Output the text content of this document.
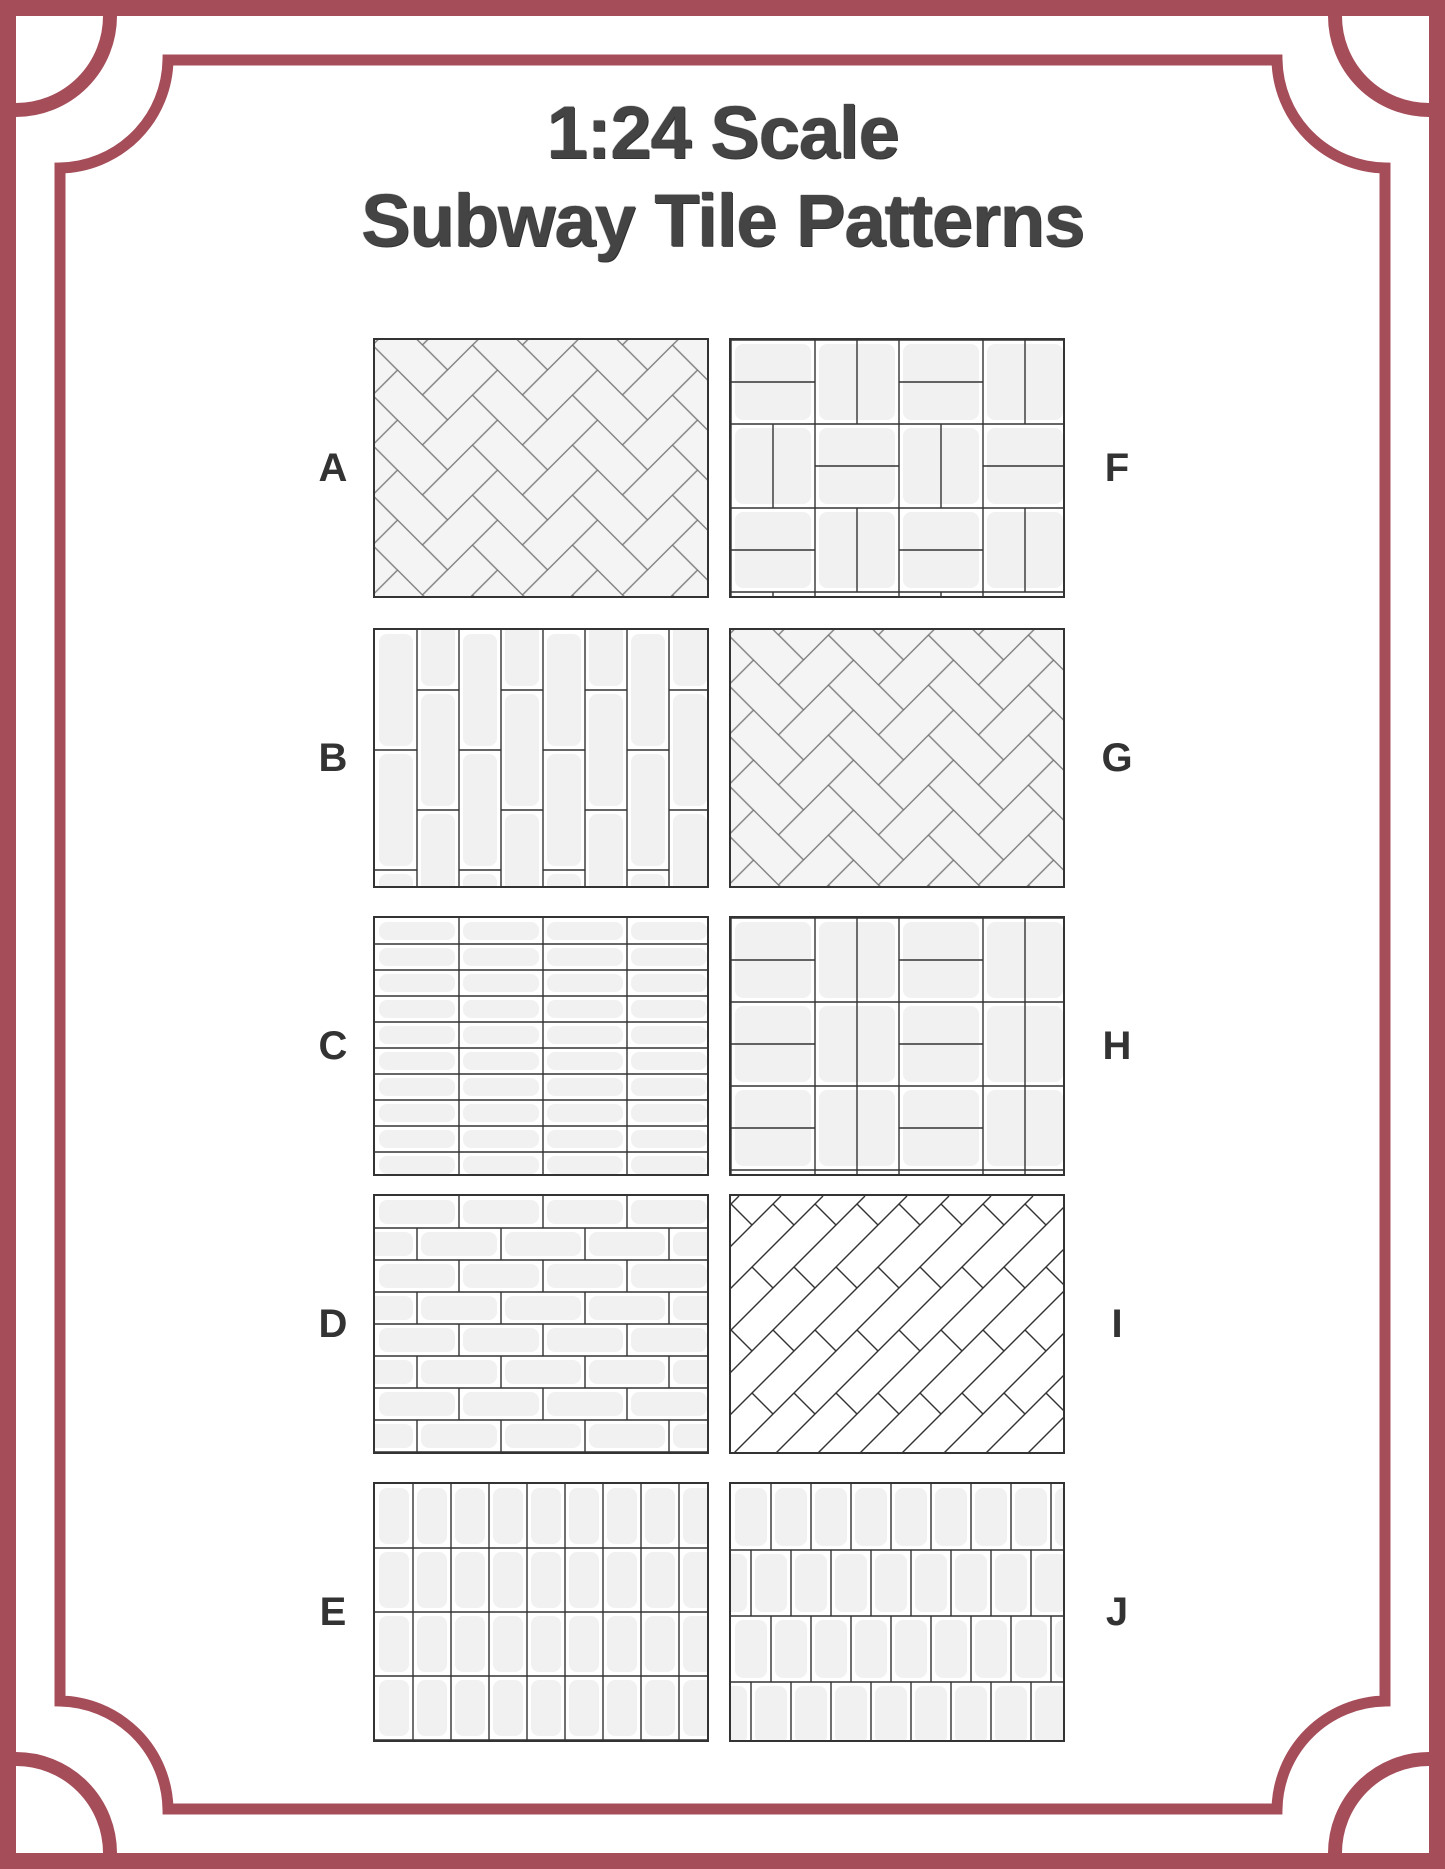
1:24 Scale
Subway Tile Patterns
A
B
C
D
E
F
G
H
I
J
